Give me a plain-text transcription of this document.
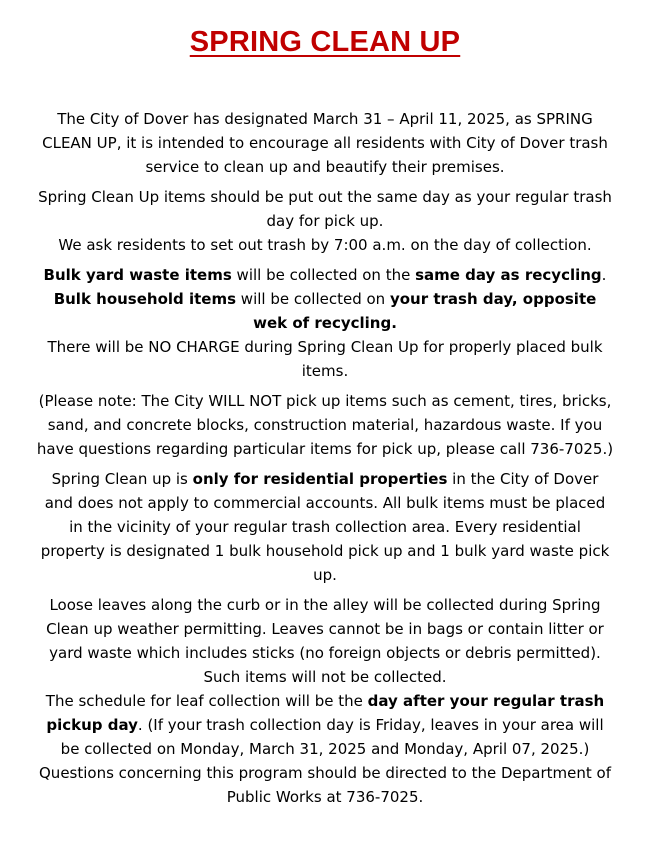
SPRING CLEAN UP

The City of Dover has designated March 31 – April 11, 2025, as SPRING CLEAN UP, it is intended to encourage all residents with City of Dover trash service to clean up and beautify their premises.

Spring Clean Up items should be put out the same day as your regular trash day for pick up.

We ask residents to set out trash by 7:00 a.m. on the day of collection.

Bulk yard waste items will be collected on the same day as recycling.
Bulk household items will be collected on your trash day, opposite wek of recycling.

There will be NO CHARGE during Spring Clean Up for properly placed bulk items.

(Please note: The City WILL NOT pick up items such as cement, tires, bricks, sand, and concrete blocks, construction material, hazardous waste. If you have questions regarding particular items for pick up, please call 736-7025.)

Spring Clean up is only for residential properties in the City of Dover and does not apply to commercial accounts. All bulk items must be placed in the vicinity of your regular trash collection area. Every residential property is designated 1 bulk household pick up and 1 bulk yard waste pick up.

Loose leaves along the curb or in the alley will be collected during Spring Clean up weather permitting. Leaves cannot be in bags or contain litter or yard waste which includes sticks (no foreign objects or debris permitted). Such items will not be collected.

The schedule for leaf collection will be the day after your regular trash pickup day. (If your trash collection day is Friday, leaves in your area will be collected on Monday, March 31, 2025 and Monday, April 07, 2025.)

Questions concerning this program should be directed to the Department of Public Works at 736-7025.
